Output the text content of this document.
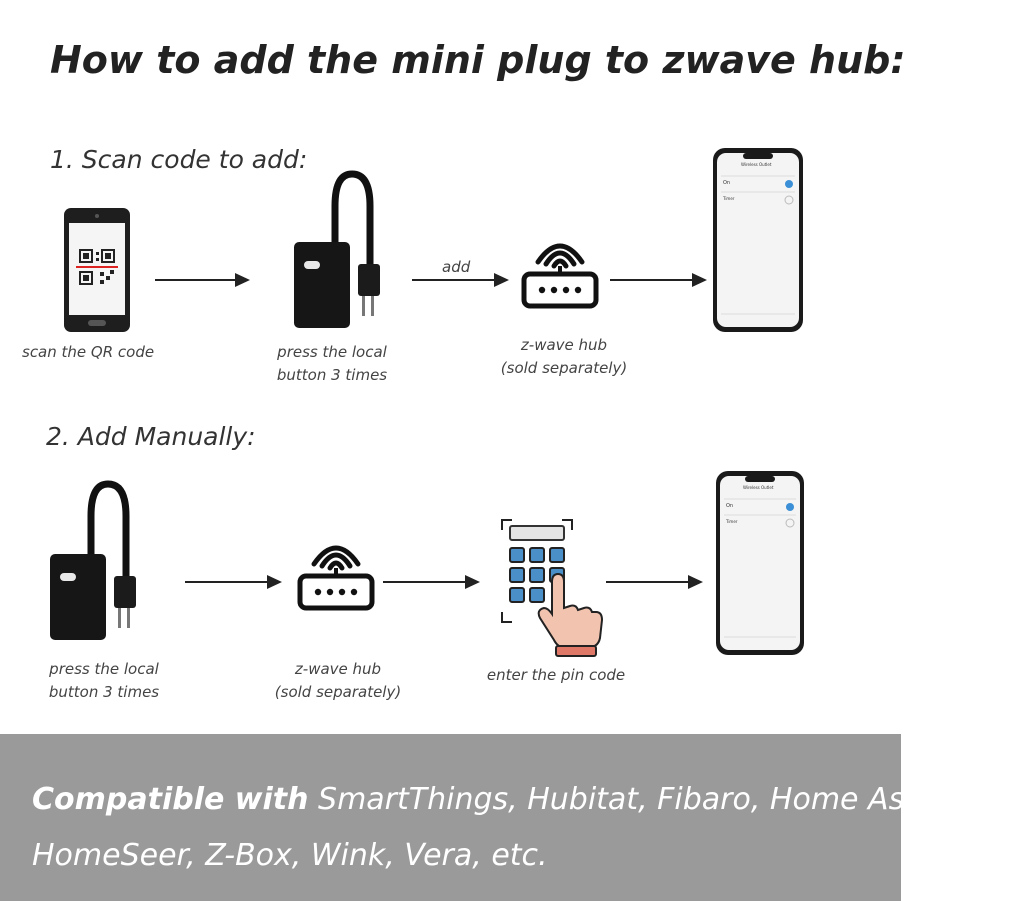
How to add the mini plug to zwave hub:
1. Scan code to add:
scan the QR code	press the local
button 3 times
add
z-wave hub
(sold separately)
Wireless Outlet
On
Timer
2. Add Manually:
press the local
button 3 times
z-wave hub
(sold separately)
enter the pin code
Wireless Outlet
On
Timer
Compatible with SmartThings, Hubitat, Fibaro, Home Assistant,
HomeSeer, Z-Box, Wink, Vera, etc.
